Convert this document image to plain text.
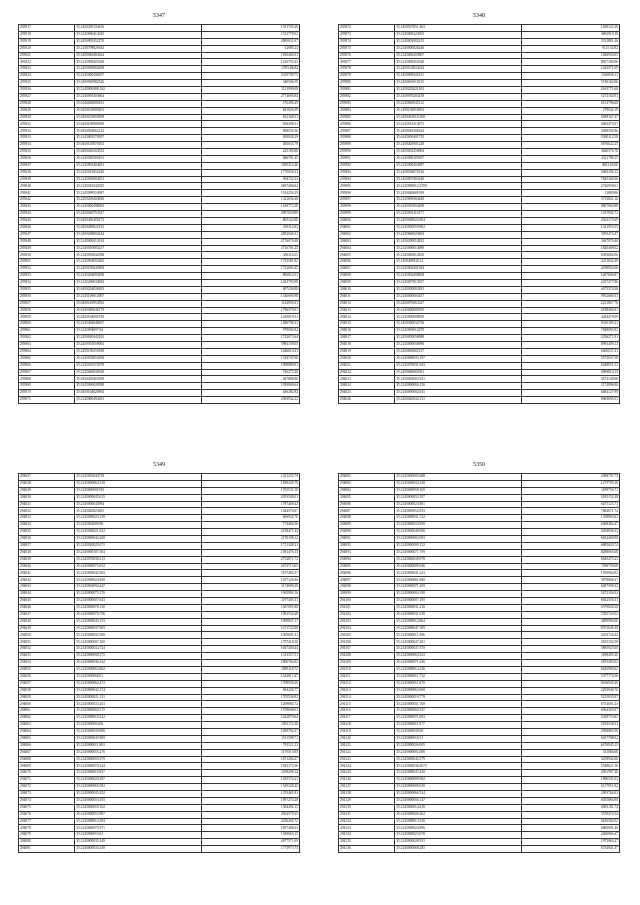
5347
293917	35.2450290134416	1551705.28
293918	35.2145690414345	1512778.03
293919	35.2450903352270	2085931.07
293920	35.2150799829182	12985.24
293921	35.3450040484364	1810469.51
293922	35.2145909205160	1216793.43
293923	35.2450030982458	2705.86.84
293924	35.2145000456557	5319799.75
293925	35.3450930982526	340506.59
293926	35.2145000408.162	1121999.08
293927	35.2145095403604	2774695.84
293928	35.0146028000161	576496.29
293929	35.0450103900201	841926.59
293930	35.0450103850309	652168.31
293931	35.0450109908399	656398.31
293932	35.0450504662122	908550.30
293933	35.2145003570397	650028.29
293934	35.0450105870103	485633.79
293935	35.0450040204552	225185.88
293936	35.2145030300161	686701.45
293937	35.2145093404651	1050112.46
293938	35.2145013852220	1770050.31
293939	35.2145030904451	394152.32
293940	35.2145029442925	2697204.64
293941	35.2145098554087	1914256.29
293942	35.2450209404950	1321656.46
293943	35.2145000498063	1618773.20
293944	35.2450020753327	2907029.89
293945	35.0450450400272	865122.80
293946	35.0450409022133	339112.82
293947	35.3450208094144	2852046.31
293948	35.2145000412014	2176070.48
293949	35.2145010803217	2716701.25
293950	35.2145030042588	356114.55
293951	35.2145904003482	1723581.82
293952	35.2450190045894	1722693.45
293953	35.2145204093458	882014.51
293954	35.2145206034943	1421783.99
293955	35.0450204036263	407236.80
293956	35.2145109012007	1336690.98
293957	35.0450149054592	1142850.41
293958	35.0145040046179	1796379.01
293959	35.0450104001918	1410019.51
293960	35.2145404048637	1586798.31
293961	35.2145094097.64	979092.84
293962	35.2450020442162	1722073.64
293963	35.2450501059003	5981159.05
293964	35.2450190250188	1446610.41
293965	35.2145018054356	1019747.66
293966	35.2145010374578	1998889.01
293967	35.2145048038549	726275.46
293968	35.0450450403309	267888.90
293969	35.0145090029590	1929800.64
293970	35.0450104020964	456282.82
293971	35.2145000494301	2583932.22
5348
293972	35.1450507051.463	1650122.28
293973	35.2145000324503	3692910.19
293974	35.2145002082415	3311881.46
293975	35.2145000020246	9115.52.82
293976	35.2145000203867	1828950.05
293977	35.2145090452028	8957180.96
293978	35.2450102824324	1023971.09
293979	35.1450009345411	1546956.11
293980	35.2450601019215	5740162.06
293981	35.2450203021102	2165771.60
293982	35.1450070204159	5272102.01
293983	35.2145000045112	6152796.68
293984	35.1450130016953	279942.19
293985	35.3450401010.300	6589167.47
293986	35.2145013214075	3063475.07
293987	35.2450049206324	3369592.96
293988	35.6145000401735	9300112.58
293989	35.1450403901248	5676622.25
293990	35.3450002450904	3640576.78
293991	35.2145000105957	4411796.15
293992	35.2145000453097	4823.65.60
293993	35.1450504070136	5484194.12
293994	35.1450007404140	7645160.38
293995	35.2145090012.2709	2746958.61
293996	35.1450040601059	12880.86
293997	35.2145009304449	5733821.16
293998	35.2145010054498	8887864.88
293999	35.2145002116171	1037902.73
294000	35.2450000022.004	2561175.69
294001	35.2145000059.802	1321953.55
294002	35.2145660023004	5959474.47
294003	35.1450200014923	3467970.40
294004	35.2145000014090	1820469.02
294005	35.2145020014100	6395682.06
294006	35.1450400930.12	2211842.39
294007	35.2145004301594	4198952.66
294008	35.2145002490828	1467666.87
294009	35.2145007013057	2257477.86
294010	35.2145030003481	4475370.36
294011	35.2145000003457	9912680.51
294012	35.2450070063347	2231867.76
294013	35.2145000006595	6188494.01
294014	35.2145000008830	4443479.09
294015	35.1450300032730	9310185.21
294016	35.2145003012278	7848093.93
294017	35.2450050058088	2256271.91
294018	35.2145000056996	8993409.12
294019	35.2450003002137	6460037.41
294020	35.2145000035.197	5573047.58
294021	35.2145070031.943	6448051.53
294022	35.2450080002091	4969814.15
294023	35.1450092003.941	3572138.68
294024	35.2145000060.136	1174996.80
294025	35.2145000002.041	6484127.99
294026	35.2450020044.131	6965695.51
5349
294027	35.2145003044718	1451235.79
294028	35.2145000064.318	1858445.79
294029	35.2145000001925	1765531.58
294030	35.2145000045.615	2053508.01
294031	35.2145000043994	1787469.42
294032	35.2145020024305	1044570.67
294033	35.2145000024.139	606934.70
294034	35.2145002009.98	774484.56
294035	35.2145030021.652	2158471.44
294036	35.2145000042.208	2170198.12
294037	35.2145020025.071	1721328.21
294038	35.2145000107.304	1581476.13
294039	35.2145070038.213	2752871.72
294040	35.2145000075.052	2673713.63
294041	35.2145000042.563	1197492.57
294042	35.2145000024.958	1297120.46
294043	35.2145002094.447	1174009.29
294044	35.2145000075.376	1965994.16
294045	35.2145000007.643	1197405.31
294046	35.2145000070.130	1367091.88
294047	35.2145000070.756	1992534.48
294048	35.2145000043.153	1909847.17
294049	35.2145000037.083	1471722.88
294050	35.2145000032.569	1365691.41
294051	35.2145000007.100	1797418.30
294052	35.2145000034.724	1047300.44
294053	35.2145000098.375	1315357.51
294054	35.2145000036.322	1800784.82
294055	35.2145000063.962	1085118.72
294056	35.2145000060.01	1544917.47
294057	35.2145000062.472	1708939.26
294058	35.2145000042.274	694226.77
294059	35.2145000021.121	1705536.92
294060	35.2145000033.203	1209684.72
294061	35.2145000060.515	1578848.03
294062	35.2145000010.532	1622879.64
294063	35.2145000004.06	1091172.38
294064	35.2145000030.906	1059792.27
294065	35.2145000043.909	1511598.71
294066	35.2145000011.863	781121.22
294067	35.2145000055.276	1176510.85
294068	35.2145000059.379	1671294.27
294069	35.2145000070.224	1045175.36
294070	35.2145000019.837	1199208.14
294071	35.2145000020.297	1455172.21
294072	35.2145000065.082	1549128.45
294073	35.2145000045.432	1255461.81
294074	35.2145000053.555	1997274.28
294075	35.2145000050.162	1364492.15
294076	35.2145000053.997	2934579.33
294077	35.2145000012.394	2236202.72
294078	35.2145000070.571	1857408.23
294079	35.2145000053.61	1339663.15
294080	35.2145000035.249	2677571.09
294081	35.2145000033.249	1775973.75
5350
294082	35.2145000005.688	2098797.75
294083	35.2145000032.238	1275709.10
294084	35.2145000058.165	1189756.71
294085	35.2145000052.197	5035152.48
294086	35.2145000023.901	6475123.71
294087	35.2145000052.933	7682671.74
294088	35.2145000031.722	1358963.63
294089	35.2145000034.990	6068384.47
294090	35.2145000048.966	3294936.32
294091	35.2145000002.093	6652400.98
294092	35.2145000009.152	6885629.74
294093	35.2145000071.709	8288063.66
294094	35.2145000038.978	6645475.23
294095	35.2145000009.946	7298759.68
294096	35.2145000041.233	1559964.82
294097	35.2145000061.980	3878806.37
294098	35.2145000071.269	6487598.23
294099	35.2145000004.190	5472104.02
294100	35.2145000007.195	8042556.31
294101	35.2145000031.216	6379828.38
294102	35.2145000031.918	7285724.02
294103	35.2145000012.864	4859994.00
294104	35.2145000047.109	8701045.30
294105	35.2145000011.496	3233726.44
294106	35.2145000047.261	3615152.58
294107	35.2145000037.370	3885925.00
294108	35.2145000063.923	1188495.20
294109	35.2145000071.426	5815493.02
294110	35.2145000014.136	6626905.62
294111	35.2145000011.732	5377774.56
294112	35.2145000011.670	8166945.40
294113	35.2145000063.968	2293840.70
294114	35.2145000019.779	5215835.87
294115	35.2145000051.768	6754691.23
294116	35.2145000060.547	6504303.97
294117	35.2145000071.003	5329753.85
294118	35.2145000011.877	5819538.51
294119	35.2145000030.00	2958865.50
294120	35.2145000018.31	6457788.02
294121	35.2145000026.005	6476945.15
294122	35.2145000001.008	331084.66
294123	35.2145000045.579	3259942.66
294124	35.2145000036.4675	5548021.58
294125	35.2145000047.420	3951997.20
294126	35.2145000099.992	1890531.02
294127	35.2145000009.030	6117951.82
294128	35.2145000066.524	2903764.03
294129	35.2145000056.147	6055866.90
294130	35.2145000014.410	6881101.74
294131	35.2145000026.262	5578474.54
294132	35.2145000013.336	6616582.02
294133	35.2145000024.896	6869991.48
294134	35.2145000023.078	2460866.47
294135	35.2145000028.931	1975963.27
294136	35.2145000068.285	6734941.37
